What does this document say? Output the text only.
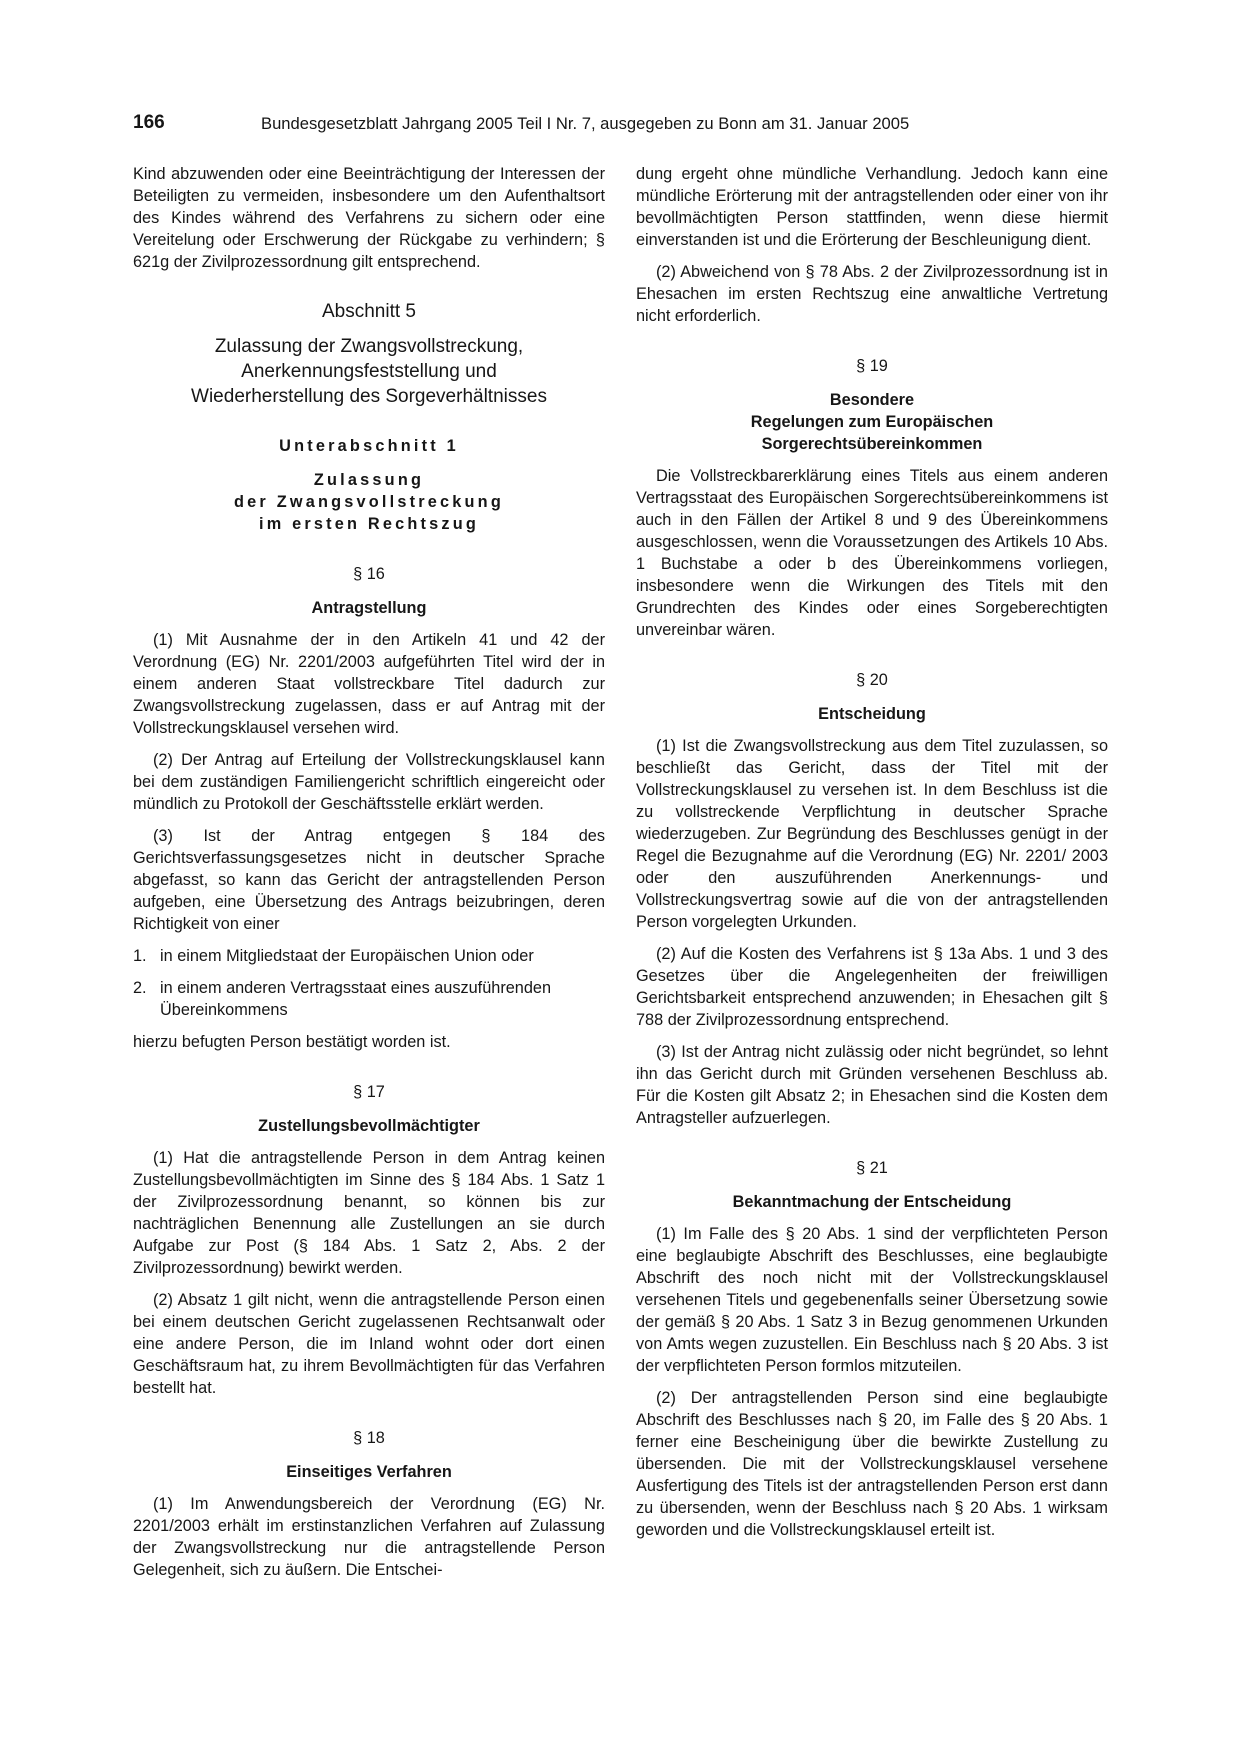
166	Bundesgesetzblatt Jahrgang 2005 Teil I Nr. 7, ausgegeben zu Bonn am 31. Januar 2005

Kind abzuwenden oder eine Beeinträchtigung der Interessen der Beteiligten zu vermeiden, insbesondere um den Aufenthaltsort des Kindes während des Verfahrens zu sichern oder eine Vereitelung oder Erschwerung der Rückgabe zu verhindern; § 621g der Zivilprozessordnung gilt entsprechend.

Abschnitt 5
Zulassung der Zwangsvollstreckung,
Anerkennungsfeststellung und
Wiederherstellung des Sorgeverhältnisses
Unterabschnitt 1
Zulassung
der Zwangsvollstreckung
im ersten Rechtszug
§ 16
Antragstellung

(1) Mit Ausnahme der in den Artikeln 41 und 42 der Verordnung (EG) Nr. 2201/2003 aufgeführten Titel wird der in einem anderen Staat vollstreckbare Titel dadurch zur Zwangsvollstreckung zugelassen, dass er auf Antrag mit der Vollstreckungsklausel versehen wird.

(2) Der Antrag auf Erteilung der Vollstreckungsklausel kann bei dem zuständigen Familiengericht schriftlich eingereicht oder mündlich zu Protokoll der Geschäftsstelle erklärt werden.

(3) Ist der Antrag entgegen § 184 des Gerichtsverfassungsgesetzes nicht in deutscher Sprache abgefasst, so kann das Gericht der antragstellenden Person aufgeben, eine Übersetzung des Antrags beizubringen, deren Richtigkeit von einer

1. in einem Mitgliedstaat der Europäischen Union oder
2. in einem anderen Vertragsstaat eines auszuführenden Übereinkommens

hierzu befugten Person bestätigt worden ist.

§ 17
Zustellungsbevollmächtigter

(1) Hat die antragstellende Person in dem Antrag keinen Zustellungsbevollmächtigten im Sinne des § 184 Abs. 1 Satz 1 der Zivilprozessordnung benannt, so können bis zur nachträglichen Benennung alle Zustellungen an sie durch Aufgabe zur Post (§ 184 Abs. 1 Satz 2, Abs. 2 der Zivilprozessordnung) bewirkt werden.

(2) Absatz 1 gilt nicht, wenn die antragstellende Person einen bei einem deutschen Gericht zugelassenen Rechtsanwalt oder eine andere Person, die im Inland wohnt oder dort einen Geschäftsraum hat, zu ihrem Bevollmächtigten für das Verfahren bestellt hat.

§ 18
Einseitiges Verfahren

(1) Im Anwendungsbereich der Verordnung (EG) Nr. 2201/2003 erhält im erstinstanzlichen Verfahren auf Zulassung der Zwangsvollstreckung nur die antragstellende Person Gelegenheit, sich zu äußern. Die Entschei-

dung ergeht ohne mündliche Verhandlung. Jedoch kann eine mündliche Erörterung mit der antragstellenden oder einer von ihr bevollmächtigten Person stattfinden, wenn diese hiermit einverstanden ist und die Erörterung der Beschleunigung dient.

(2) Abweichend von § 78 Abs. 2 der Zivilprozessordnung ist in Ehesachen im ersten Rechtszug eine anwaltliche Vertretung nicht erforderlich.

§ 19
Besondere
Regelungen zum Europäischen
Sorgerechtsübereinkommen

Die Vollstreckbarerklärung eines Titels aus einem anderen Vertragsstaat des Europäischen Sorgerechtsübereinkommens ist auch in den Fällen der Artikel 8 und 9 des Übereinkommens ausgeschlossen, wenn die Voraussetzungen des Artikels 10 Abs. 1 Buchstabe a oder b des Übereinkommens vorliegen, insbesondere wenn die Wirkungen des Titels mit den Grundrechten des Kindes oder eines Sorgeberechtigten unvereinbar wären.

§ 20
Entscheidung

(1) Ist die Zwangsvollstreckung aus dem Titel zuzulassen, so beschließt das Gericht, dass der Titel mit der Vollstreckungsklausel zu versehen ist. In dem Beschluss ist die zu vollstreckende Verpflichtung in deutscher Sprache wiederzugeben. Zur Begründung des Beschlusses genügt in der Regel die Bezugnahme auf die Verordnung (EG) Nr. 2201/ 2003 oder den auszuführenden Anerkennungs- und Vollstreckungsvertrag sowie auf die von der antragstellenden Person vorgelegten Urkunden.

(2) Auf die Kosten des Verfahrens ist § 13a Abs. 1 und 3 des Gesetzes über die Angelegenheiten der freiwilligen Gerichtsbarkeit entsprechend anzuwenden; in Ehesachen gilt § 788 der Zivilprozessordnung entsprechend.

(3) Ist der Antrag nicht zulässig oder nicht begründet, so lehnt ihn das Gericht durch mit Gründen versehenen Beschluss ab. Für die Kosten gilt Absatz 2; in Ehesachen sind die Kosten dem Antragsteller aufzuerlegen.

§ 21
Bekanntmachung der Entscheidung

(1) Im Falle des § 20 Abs. 1 sind der verpflichteten Person eine beglaubigte Abschrift des Beschlusses, eine beglaubigte Abschrift des noch nicht mit der Vollstreckungsklausel versehenen Titels und gegebenenfalls seiner Übersetzung sowie der gemäß § 20 Abs. 1 Satz 3 in Bezug genommenen Urkunden von Amts wegen zuzustellen. Ein Beschluss nach § 20 Abs. 3 ist der verpflichteten Person formlos mitzuteilen.

(2) Der antragstellenden Person sind eine beglaubigte Abschrift des Beschlusses nach § 20, im Falle des § 20 Abs. 1 ferner eine Bescheinigung über die bewirkte Zustellung zu übersenden. Die mit der Vollstreckungsklausel versehene Ausfertigung des Titels ist der antragstellenden Person erst dann zu übersenden, wenn der Beschluss nach § 20 Abs. 1 wirksam geworden und die Vollstreckungsklausel erteilt ist.
